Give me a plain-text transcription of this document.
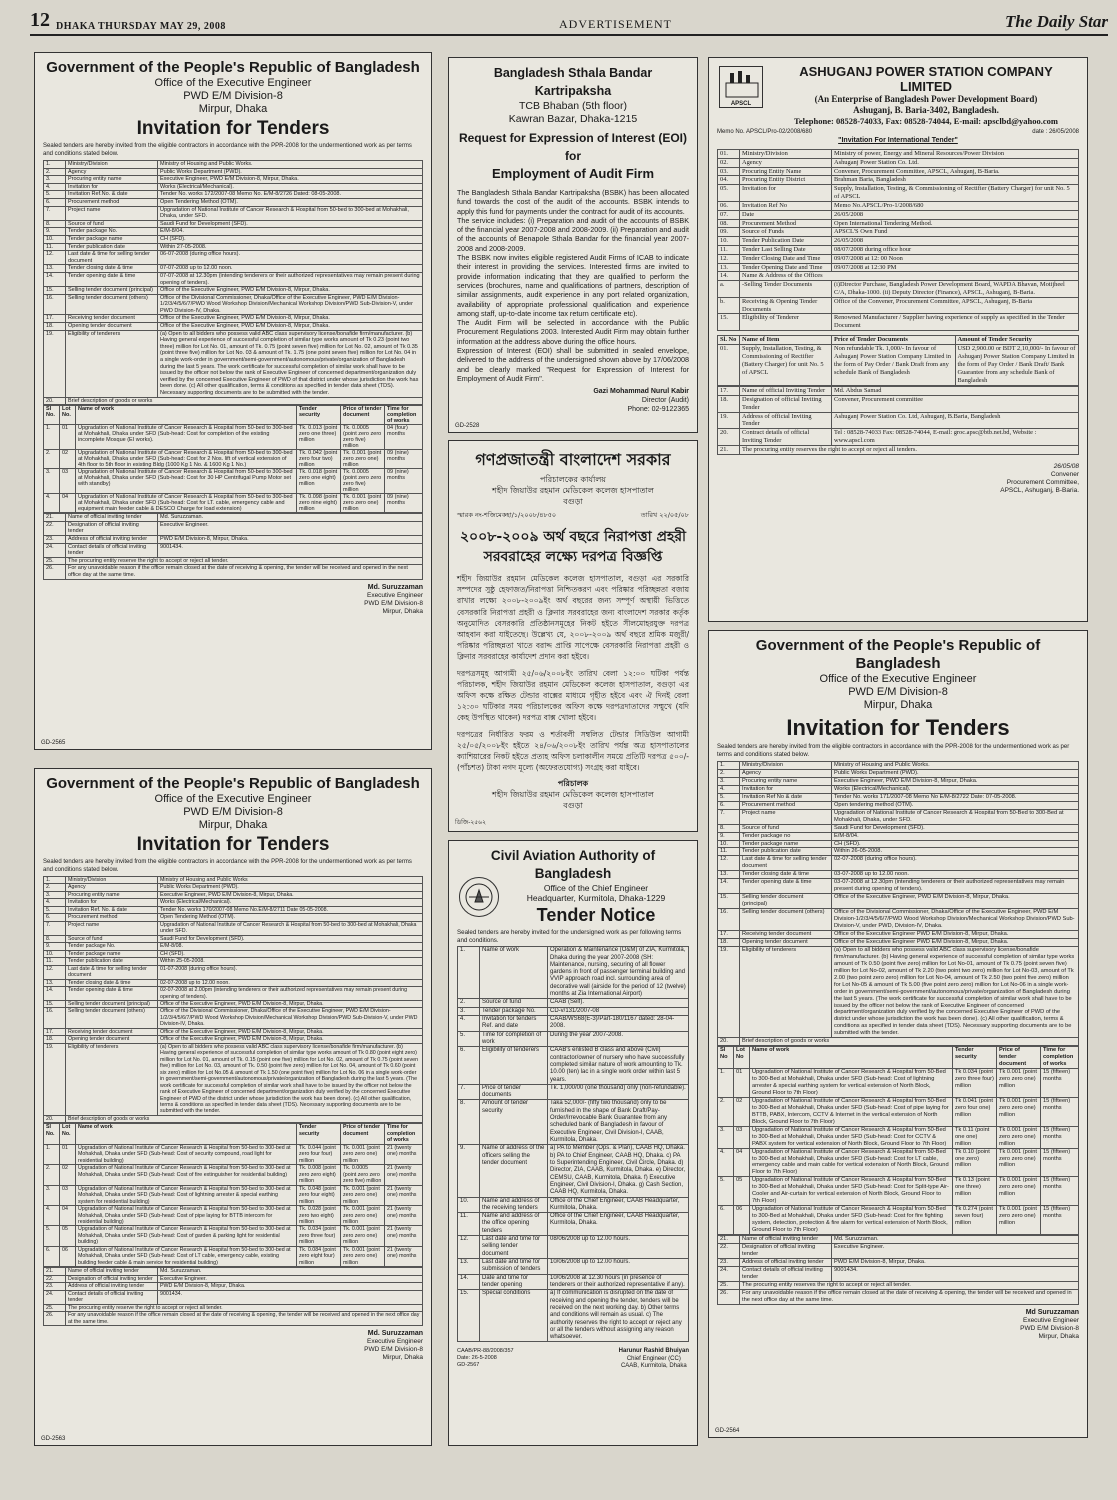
12 DHAKA THURSDAY MAY 29, 2008	ADVERTISEMENT	The Daily Star
Government of the People's Republic of Bangladesh
Office of the Executive Engineer
PWD E/M Division-8
Mirpur, Dhaka
Invitation for Tenders
Sealed tenders are hereby invited from the eligible contractors in accordance with the PPR-2008 for the undermentioned work as per terms and conditions stated below.
1.	Ministry/Division	Ministry of Housing and Public Works.
2.	Agency	Public Works Department (PWD).
3.	Procuring entity name	Executive Engineer, PWD E/M Division-8, Mirpur, Dhaka.
4.	Invitation for	Works (Electrical/Mechanical).
5.	Invitation Ref.No. & date	Tender No. works 172/2007-08 Memo No. E/M-8/2726 Dated: 08-05-2008.
6.	Procurement method	Open Tendering Method (OTM).
7.	Project name	Upgradation of National Institute of Cancer Research & Hospital from 50-bed to 300-bed at Mohakhali, Dhaka, under SFD.
8.	Source of fund	Saudi Fund for Development (SFD).
9.	Tender package No.	E/M-8/04.
10.	Tender package name	CH (SFD).
11.	Tender publication date	Within 27-05-2008.
12.	Last date & time for selling tender document	06-07-2008 (during office hours).
13.	Tender closing date & time	07-07-2008 up to 12.00 noon.
14.	Tender opening date & time	07-07-2008 at 12.30pm (intending tenderers or their authorized representatives may remain present during opening of tenders).
15.	Selling tender document (principal)	Office of the Executive Engineer, PWD E/M Division-8, Mirpur, Dhaka.
16.	Selling tender document (others)	Office of the Divisional Commissioner, Dhaka/Office of the Executive Engineer, PWD E/M Division-1/2/3/4/5/6/7/PWD Wood Workshop Division/Mechanical Workshop Division/PWD Sub-Division-V, under PWD Division-IV, Dhaka.
17.	Receiving tender document	Office of the Executive Engineer, PWD E/M Division-8, Mirpur, Dhaka.
18.	Opening tender document	Office of the Executive Engineer, PWD E/M Division-8, Mirpur, Dhaka.
19.	Eligibility of tenderers	(a) Open to all bidders who possess valid ABC class supervisory license/bonafide firm/manufacturer. (b) Having general experience of successful completion of similar type works amount of Tk 0.23 (point two three) million for Lot No. 01, amount of Tk. 0.75 (point seven five) million for Lot No. 02, amount of Tk 0.35 (point three five) million for Lot No. 03 & amount of Tk. 1.75 (one point seven five) million for Lot No. 04 in a single work-order in government/semi-government/autonomous/private/organization of Bangladesh during the last 5 years. The work certificate for successful completion of similar work shall have to be issued by the officer not below the rank of Executive Engineer of concerned department/organization duly verified by the concerned Executive Engineer of PWD of that district under whose jurisdiction the work has been done. (c) All other qualification, terms & conditions as specified in tender data sheet (TDS). Necessary supporting documents are to be submitted with the tender.
20.	Brief description of goods or works	
Sl No.	Lot No.	Name of work	Tender security	Price of tender document	Time for completion of works
1.	01	Upgradation of National Institute of Cancer Research & Hospital from 50-bed to 300-bed at Mohakhali, Dhaka under SFD (Sub-head: Cost for completion of the existing incomplete Mosque (EI works).	Tk. 0.013 (point zero one three) million	Tk. 0.0005 (point zero zero zero five) million	04 (four) months
2.	02	Upgradation of National Institute of Cancer Research & Hospital from 50-bed to 300-bed at Mohakhali, Dhaka under SFD (Sub-head: Cost for 2 Nos. lift of vertical extension of 4th floor to 5th floor in existing Bldg (1000 Kg 1 No. & 1600 Kg 1 No.)	Tk. 0.042 (point zero four two) million	Tk. 0.001 (point zero zero one) million	09 (nine) months
3.	03	Upgradation of National Institute of Cancer Research & Hospital from 50-bed to 300-bed at Mohakhali, Dhaka under SFD (Sub-head: Cost for 30 HP Centrifugal Pump Motor set with standby)	Tk. 0.018 (point zero one eight) million	Tk. 0.0005 (point zero zero zero five) million	09 (nine) months
4.	04	Upgradation of National Institute of Cancer Research & Hospital from 50-bed to 300-bed at Mohakhali, Dhaka under SFD (Sub-head: Cost for LT. cable, emergency cable and equipment main feeder cable & DESCO Charge for load extension)	Tk. 0.098 (point zero nine eight) million	Tk. 0.001 (point zero zero one) million	09 (nine) months
21.	Name of official inviting tender	Md. Suruzzaman.
22.	Designation of official inviting tender	Executive Engineer.
23.	Address of official inviting tender	PWD E/M Division-8, Mirpur, Dhaka.
24.	Contact details of official inviting tender	9001434.
25.	The procuring entity reserve the right to accept or reject all tender.	
26.	For any unavoidable reason if the office remain closed at the date of receiving & opening, the tender will be received and opened in the next office day at the same time.	
Md. Suruzzaman
Executive Engineer
PWD E/M Division-8
Mirpur, Dhaka
GD-2565
Bangladesh Sthala Bandar Kartripaksha
TCB Bhaban (5th floor)
Kawran Bazar, Dhaka-1215
Request for Expression of Interest (EOI)
for
Employment of Audit Firm

The Bangladesh Sthala Bandar Kartripaksha (BSBK) has been allocated fund towards the cost of the audit of the accounts. BSBK intends to apply this fund for payments under the contract for audit of its accounts.

The service includes: (i) Preparation and audit of the accounts of BSBK of the financial year 2007-2008 and 2008-2009. (ii) Preparation and audit of the accounts of Benapole Sthala Bandar for the financial year 2007-2008 and 2008-2009.

The BSBK now invites eligible registered Audit Firms of ICAB to indicate their interest in providing the services. Interested firms are invited to provide information indicating that they are qualified to perform the services (brochures, name and qualifications of partners, description of similar assignments, audit experience in any port related organization, availability of appropriate professional qualification and experience among staff, up-to-date income tax return certificate etc).

The Audit Firm will be selected in accordance with the Public Procurement Regulations 2003. Interested Audit Firm may obtain further information at the address above during the office hours.

Expression of Interest (EOI) shall be submitted in sealed envelope, delivered to the address of the undersigned shown above by 17/06/2008 and be clearly marked "Request for Expression of Interest for Employment of Audit Firm".

Gazi Mohammad Nurul Kabir
Director (Audit)
Phone: 02-9122365
GD-2528
গণপ্রজাতন্ত্রী বাংলাদেশ সরকার
পরিচালকের কার্যালয়
শহীদ জিয়াউর রহমান মেডিকেল কলেজ হাসপাতাল
বগুড়া
স্মারক নং-শজিমেকহা/১/২০০৮/৪৮৫০	তারিখ ২২/০৫/০৮
২০০৮-২০০৯ অর্থ বছরে নিরাপত্তা প্রহরী সরবরাহের লক্ষ্যে দরপত্র বিজ্ঞপ্তি

শহীদ জিয়াউর রহমান মেডিকেল কলেজ হাসপাতাল, বগুড়া এর সরকারি সম্পদের সুষ্ঠু হেফাজত/নিরাপত্তা নিশ্চিতকরণ এবং পরিষ্কার পরিচ্ছন্নতা বজায় রাখার লক্ষ্যে ২০০৮-২০০৯ইং অর্থ বছরের জন্য সম্পূর্ণ অস্থায়ী ভিত্তিতে বেসরকারি নিরাপত্তা প্রহরী ও ক্লিনার সরবরাহের জন্য বাংলাদেশ সরকার কর্তৃক অনুমোদিত বেসরকারি প্রতিষ্ঠানসমূহের নিকট হইতে সীলমোহরযুক্ত দরপত্র আহবান করা যাইতেছে। উল্লেখ্য যে, ২০০৮-২০০৯ অর্থ বছরে শ্রমিক মজুরী/পরিষ্কার পরিচ্ছন্নতা খাতে বরাদ্দ প্রাপ্তি সাপেক্ষে বেসরকারি নিরাপত্তা প্রহরী ও ক্লিনার সরবরাহের কার্যাদেশ প্রদান করা হইবে।

দরপত্রসমূহ আগামী ২৫/০৬/২০০৮ইং তারিখ বেলা ১২:০০ ঘটিকা পর্যন্ত পরিচালক, শহীদ জিয়াউর রহমান মেডিকেল কলেজ হাসপাতাল, বগুড়া এর অফিস কক্ষে রক্ষিত টেন্ডার বাক্সের মাধ্যমে গৃহীত হইবে এবং ঐ দিনই বেলা ১২:৩০ ঘটিকার সময় পরিচালকের অফিস কক্ষে দরপত্রদাতাদের সম্মুখে (যদি কেহ উপস্থিত থাকেন) দরপত্র বাক্স খোলা হইবে।

দরপত্রের নির্ধারিত ফরম ও শর্তাবলী সম্বলিত টেন্ডার সিডিউল আগামী ২৫/০৫/২০০৮ইং হইতে ২৪/০৬/২০০৮ইং তারিখ পর্যন্ত অত্র হাসপাতালের ক্যাশিয়ারের নিকট হইতে প্রত্যহ অফিস চলাকালীন সময়ে প্রতিটি দরপত্র ৫০০/- (পাঁচশত) টাকা নগদ মূল্যে (অফেরতযোগ্য) সংগ্রহ করা যাইবে।

পরিচালক
শহীদ জিয়াউর রহমান মেডিকেল কলেজ হাসপাতাল
বগুড়া
ডিজি-২৫৬২
APSCL
ASHUGANJ POWER STATION COMPANY LIMITED
(An Enterprise of Bangladesh Power Development Board)
Ashuganj, B. Baria-3402, Bangladesh.
Telephone: 08528-74033, Fax: 08528-74044, E-mail: apsclbd@yahoo.com
Memo No. APSCL/Pro-02/2008/680	date : 26/05/2008
"Invitation For International Tender"
01.	Ministry/Division	Ministry of power, Energy and Mineral Resources/Power Division
02.	Agency	Ashuganj Power Station Co. Ltd.
03.	Procuring Entity Name	Convener, Procurement Committee, APSCL, Ashuganj, B-Baria.
04.	Procuring Entity District	Brahman Baria, Bangladesh
05.	Invitation for	Supply, Installation, Testing, & Commissioning of Rectifier (Battery Charger) for unit No. 5 of APSCL
06.	Invitation Ref No	Memo No.APSCL/Pro-1/2008/680
07.	Date	26/05/2008
08.	Procurement Method	Open International Tendering Method.
09.	Source of Funds	APSCL'S Own Fund
10.	Tender Publication Date	26/05/2008
11.	Tender Last Selling Date	08/07/2008 during office hour
12.	Tender Closing Date and Time	09/07/2008 at 12: 00 Noon
13.	Tender Opening Date and Time	09/07/2008 at 12:30 PM
14.	Name & Address of the Offices	
a.	-Selling Tender Documents	(i)Director Purchase, Bangladesh Power Development Board, WAPDA Bhavan, Motijheel C/A, Dhaka-1000. (ii) Deputy Director (Finance), APSCL, Ashuganj, B-Baria.
b.	Receiving & Opening Tender Documents	Office of the Convener, Procurement Committee, APSCL, Ashuganj, B-Baria
15.	Eligibility of Tenderer	Renowned Manufacturer / Supplier having experience of supply as specified in the Tender Document
Sl. No	Name of Item	Price of Tender Documents	Amount of Tender Security
01.	Supply, Installation, Testing, & Commissioning of Rectifier (Battery Charger) for unit No. 5 of APSCL	Non refundable Tk. 1,000/- In favour of Ashuganj Power Station Company Limited in the form of Pay Order / Bank Draft from any schedule Bank of Bangladesh	USD 2,900.00 or BDT 2,10,000/- In favour of Ashuganj Power Station Company Limited in the form of Pay Order / Bank Draft/ Bank Guarantee from any schedule Bank of Bangladesh
17.	Name of official Inviting Tender	Md. Abdus Samad
18.	Designation of official Inviting Tender	Convener, Procurement committee
19.	Address of official Inviting Tender	Ashuganj Power Station Co. Ltd, Ashuganj, B.Baria, Bangladesh
20.	Contract details of official Inviting Tender	Tel : 08528-74033 Fax: 08528-74044, E-mail: groc.apsc@btb.net.bd, Website : www.apscl.com
21.	The procuring entity reserves the right to accept or reject all tenders.	
26/05/08
Convener
Procurement Committee,
APSCL, Ashuganj, B-Baria.
Government of the People's Republic of Bangladesh
Office of the Executive Engineer
PWD E/M Division-8
Mirpur, Dhaka
Invitation for Tenders
Sealed tenders are hereby invited from the eligible contractors in accordance with the PPR-2008 for the undermentioned work as per terms and conditions stated below.
1.	Ministry/Division	Ministry of Housing and Public Works.
2.	Agency	Public Works Department (PWD).
3.	Procuring entity name	Executive Engineer, PWD E/M Division-8, Mirpur, Dhaka.
4.	Invitation for	Works (Electrical/Mechanical).
5.	Invitation Ref No & date	Tender No. works 171/2007-08 Memo No E/M-8/2722 Date: 07-05-2008.
6.	Procurement method	Open tendering method (OTM).
7.	Project name	Upgradation of National Institute of Cancer Research & Hospital from 50-Bed to 300-Bed at Mohakhali, Dhaka, under SFD.
8.	Source of fund	Saudi Fund for Development (SFD).
9.	Tender package no	E/M-8/04.
10.	Tender package name	CH (SFD).
11.	Tender publication date	Within 26-05-2008.
12.	Last date & time for selling tender document	02-07-2008 (during office hours).
13.	Tender closing date & time	03-07-2008 up to 12.00 noon.
14.	Tender opening date & time	03-07-2008 at 12.30pm (intending tenderers or their authorized representatives may remain present during opening of tenders).
15.	Selling tender document (principal)	Office of the Executive Engineer, PWD E/M Division-8, Mirpur, Dhaka.
16.	Selling tender document (others)	Office of the Divisional Commissioner, Dhaka/Office of the Executive Engineer, PWD E/M Division-1/2/3/4/5/6/7/PWD Wood Workshop Division/Mechanical Workshop Division/PWD Sub-Division-V, under PWD, Division-IV, Dhaka.
17.	Receiving tender document	Office of the Executive Engineer PWD E/M Division-8, Mirpur, Dhaka.
18.	Opening tender document	Office of the Executive Engineer PWD E/M Division-8, Mirpur, Dhaka.
19.	Eligibility of tenderers	(a) Open to all bidders who possess valid ABC class supervisory license/bonafide firm/manufacturer. (b) Having general experience of successful completion of similar type works amount of Tk 0.50 (point five zero) million for Lot No-01, amount of Tk 0.75 (point seven five) million for Lot No-02, amount of Tk 2.20 (two point two zero) million for Lot No-03, amount of Tk 2.00 (two point zero zero) million for Lot No-04, amount of Tk 2.50 (two point five zero) million for Lot No-05 & amount of Tk 5.00 (five point zero zero) million for Lot No-06 in a single work-order in government/semi-government/autonomous/private/organization of Bangladesh during the last 5 years. (The work certificate for successful completion of similar work shall have to be issued by the officer not below the rank of Executive Engineer of concerned department/organization duly verified by the concerned Executive Engineer of PWD of the district under whose jurisdiction the work has been done). (c) All other qualification, terms & conditions as specified in tender data sheet (TDS). Necessary supporting documents are to be submitted with the tender.
20.	Brief description of goods or works	
Sl No	Lot No	Name of work	Tender security	Price of tender document	Time for completion of works
1.	01	Upgradation of National Institute of Cancer Research & Hospital from 50-Bed to 300-Bed at Mohakhali, Dhaka under SFD (Sub-head: Cost of lightning arrester & special earthing system for vertical extension of North Block, Ground Floor to 7th Floor)	Tk 0.034 (point zero three four) million	Tk 0.001 (point zero zero one) million	15 (fifteen) months
2.	02	Upgradation of National Institute of Cancer Research & Hospital from 50-Bed to 300-Bed at Mohakhali, Dhaka under SFD (Sub-head: Cost of pipe laying for BTTB, PABX, Intercom, CCTV & Internet in the vertical extension of North Block, Ground Floor to 7th Floor)	Tk 0.041 (point zero four one) million	Tk 0.001 (point zero zero one) million	15 (fifteen) months
3.	03	Upgradation of National Institute of Cancer Research & Hospital from 50-Bed to 300-Bed at Mohakhali, Dhaka under SFD (Sub-head: Cost for CCTV & PABX system for vertical extension of North Block, Ground Floor to 7th Floor)	Tk 0.11 (point one one) million	Tk 0.001 (point zero zero one) million	15 (fifteen) months
4.	04	Upgradation of National Institute of Cancer Research & Hospital from 50-Bed to 300-Bed at Mohakhali, Dhaka under SFD (Sub-head: Cost for LT cable, emergency cable and main cable for vertical extension of North Block, Ground Floor to 7th Floor)	Tk 0.10 (point one zero) million	Tk 0.001 (point zero zero one) million	15 (fifteen) months
5.	05	Upgradation of National Institute of Cancer Research & Hospital from 50-Bed to 300-Bed at Mohakhali, Dhaka under SFD (Sub-head: Cost for Split-type Air-Cooler and Air-curtain for vertical extension of North Block, Ground Floor to 7th Floor)	Tk 0.13 (point one three) million	Tk 0.001 (point zero zero one) million	15 (fifteen) months
6.	06	Upgradation of National Institute of Cancer Research & Hospital from 50-Bed to 300-Bed at Mohakhali, Dhaka under SFD (Sub-head: Cost for fire fighting system, detection, protection & fire alarm for vertical extension of North Block, Ground Floor to 7th Floor)	Tk 0.274 (point seven four) million	Tk 0.001 (point zero zero one) million	15 (fifteen) months
21.	Name of official inviting tender	Md. Suruzzaman.
22.	Designation of official inviting tender	Executive Engineer.
23.	Address of official inviting tender	PWD E/M Division-8, Mirpur, Dhaka.
24.	Contact details of official inviting tender	9001434.
25.	The procuring entity reserves the right to accept or reject all tender.	
26.	For any unavoidable reason if the office remain closed at the date of receiving & opening, the tender will be received and opened in the next office day at the same time.	
Md Suruzzaman
Executive Engineer
PWD E/M Division-8
Mirpur, Dhaka
GD-2564
Government of the People's Republic of Bangladesh
Office of the Executive Engineer
PWD E/M Division-8
Mirpur, Dhaka
Invitation for Tenders
Sealed tenders are hereby invited from the eligible contractors in accordance with the PPR-2008 for the undermentioned work as per terms and conditions stated below.
1.	Ministry/Division	Ministry of Housing and Public Works
2.	Agency	Public Works Department (PWD).
3.	Procuring entity name	Executive Engineer, PWD E/M Division-8, Mirpur, Dhaka.
4.	Invitation for	Works (Electrical/Mechanical).
5.	Invitation Ref. No. & date	Tender No. works 170/2007-08 Memo No.E/M-8/2711 Date 05-05-2008.
6.	Procurement method	Open Tendering Method (OTM).
7.	Project name	Upgradation of National Institute of Cancer Research & Hospital from 50-bed to 300-bed at Mohakhali, Dhaka under SFD.
8.	Source of fund	Saudi Fund for Development (SFD).
9.	Tender package No.	E/M-8/08.
10.	Tender package name	CH (SFD).
11.	Tender publication date	Within 25-05-2008.
12.	Last date & time for selling tender document	01-07-2008 (during office hours).
13.	Tender closing date & time	02-07-2008 up to 12.00 noon.
14.	Tender opening date & time	02-07-2008 at 2.00pm (intending tenderers or their authorized representatives may remain present during opening of tenders).
15.	Selling tender document (principal)	Office of the Executive Engineer, PWD E/M Division-8, Mirpur, Dhaka.
16.	Selling tender document (others)	Office of the Divisional Commissioner, Dhaka/Office of the Executive Engineer, PWD E/M Division-1/2/3/4/5/6/7/PWD Wood Workshop Division/Mechanical Workshop Division/PWD Sub-Division-V, under PWD Division-IV, Dhaka.
17.	Receiving tender document	Office of the Executive Engineer, PWD E/M Division-8, Mirpur, Dhaka.
18.	Opening tender document	Office of the Executive Engineer, PWD E/M Division-8, Mirpur, Dhaka.
19.	Eligibility of tenderers	(a) Open to all bidders who possess valid ABC class supervisory license/bonafide firm/manufacturer. (b) Having general experience of successful completion of similar type works amount of Tk 0.80 (point eight zero) million for Lot No. 01, amount of Tk. 0.15 (point one five) million for Lot No. 02, amount of Tk 0.75 (point seven five) million for Lot No. 03, amount of Tk. 0.50 (point five zero) million for Lot No. 04, amount of Tk 0.60 (point six zero) million for Lot No.05 & amount of Tk 1.50 (one point five) million for Lot No. 06 in a single work-order in government/semi-government/autonomous/private/organization of Bangladesh during the last 5 years. (The work certificate for successful completion of similar work shall have to be issued by the officer not below the rank of Executive Engineer of concerned department/organization duly verified by the concerned Executive Engineer of PWD of the district under whose jurisdiction the work has been done). (c) All other qualification, terms & conditions as specified in tender data sheet (TDS). Necessary supporting documents are to be submitted with the tender.
20.	Brief description of goods or works	
Sl No.	Lot No.	Name of work	Tender security	Price of tender document	Time for completion of works
1.	01	Upgradation of National Institute of Cancer Research & Hospital from 50-bed to 300-bed at Mohakhali, Dhaka under SFD (Sub-head: Cost of security compound, road light for residential building)	Tk. 0.044 (point zero four four) million	Tk. 0.001 (point zero zero one) million	21 (twenty one) months
2.	02	Upgradation of National Institute of Cancer Research & Hospital from 50-bed to 300-bed at Mohakhali, Dhaka under SFD (Sub-head: Cost of fire extinguisher for residential building)	Tk. 0.008 (point zero zero eight) million	Tk. 0.0005 (point zero zero zero five) million	21 (twenty one) months
3.	03	Upgradation of National Institute of Cancer Research & Hospital from 50-bed to 300-bed at Mohakhali, Dhaka under SFD (Sub-head: Cost of lightning arrester & special earthing system for residential building)	Tk. 0.048 (point zero four eight) million	Tk. 0.001 (point zero zero one) million	21 (twenty one) months
4.	04	Upgradation of National Institute of Cancer Research & Hospital from 50-bed to 300-bed at Mohakhali, Dhaka under SFD (Sub-head: Cost of pipe laying for BTTB intercom for residential building)	Tk. 0.028 (point zero two eight) million	Tk. 0.001 (point zero zero one) million	21 (twenty one) months
5.	05	Upgradation of National Institute of Cancer Research & Hospital from 50-bed to 300-bed at Mohakhali, Dhaka under SFD (Sub-head: Cost of garden & parking light for residential building)	Tk. 0.034 (point zero three four) million	Tk. 0.001 (point zero zero one) million	21 (twenty one) months
6.	06	Upgradation of National Institute of Cancer Research & Hospital from 50-bed to 300-bed at Mohakhali, Dhaka under SFD (Sub-head: Cost of LT cable, emergency cable, existing building feeder cable & main service for residential building)	Tk. 0.084 (point zero eight four) million	Tk. 0.001 (point zero zero one) million	21 (twenty one) months
21.	Name of official inviting tender	Md. Suruzzaman.
22.	Designation of official inviting tender	Executive Engineer.
23.	Address of official inviting tender	PWD E/M Division-8, Mirpur, Dhaka.
24.	Contact details of official inviting tender	9001434.
25.	The procuring entity reserve the right to accept or reject all tender.	
26.	For any unavoidable reason if the office remain closed at the date of receiving & opening, the tender will be received and opened in the next office day at the same time.	
Md. Suruzzaman
Executive Engineer
PWD E/M Division-8
Mirpur, Dhaka
GD-2563
Civil Aviation Authority of Bangladesh
Office of the Chief Engineer
Headquarter, Kurmitola, Dhaka-1229
Tender Notice
Sealed tenders are hereby invited for the undersigned work as per following terms and conditions.
1.	Name of work	Operation & Maintenance (O&M) of ZIA, Kurmitola, Dhaka during the year 2007-2008 (SH: Maintenance, nursing, securing of all flower gardens in front of passenger terminal building and VVIP approach road incl. surrounding area of decorative wall (airside for the period of 12 (twelve) months at Zia International Airport)
2.	Source of fund	CAAB (Self).
3.	Tender package No.	CD-v/131/2007-08
4.	Invitation for tenders Ref. and date	CAAB/WS68(E-3)/Part-180/1167 dated: 28-04-2008.
5.	Time for completion of work	During the year 2007-2008.
6.	Eligibility of tenderers	CAAB's enlisted B class and above (Civil) contractor/owner of nursery who have successfully completed similar nature of work amounting to Tk. 10.00 (ten) lac in a single work order within last 5 years.
7.	Price of tender documents	Tk. 1,000/00 (one thousand) only (non-refundable).
8.	Amount of tender security	Taka 52,000/- (fifty two thousand) only to be furnished in the shape of Bank Draft/Pay-Order/Irrevocable Bank Guarantee from any scheduled bank of Bangladesh in favour of Executive Engineer, Civil Division-I, CAAB, Kurmitola, Dhaka.
9.	Name of address of the officers selling the tender document	a) PA to Member (Ops. & Plan), CAAB HQ, Dhaka. b) PA to Chief Engineer, CAAB HQ, Dhaka. c) PA to Superintending Engineer, Civil Circle, Dhaka. d) Director, ZIA, CAAB, Kurmitola, Dhaka. e) Director, CEMSU, CAAB, Kurmitola, Dhaka. f) Executive Engineer, Civil Division-I, Dhaka. g) Cash Section, CAAB HQ, Kurmitola, Dhaka.
10.	Name and address of the receiving tenders	Office of the Chief Engineer, CAAB Headquarter, Kurmitola, Dhaka.
11.	Name and address of the office opening tenders	Office of the Chief Engineer, CAAB Headquarter, Kurmitola, Dhaka.
12.	Last date and time for selling tender document	08/06/2008 up to 12.00 hours.
13.	Last date and time for submission of tenders	10/06/2008 up to 12.00 hours.
14.	Date and time for tender opening	10/06/2008 at 12.30 hours (in presence of tenderers or their authorized representative if any).
15.	Special conditions	a) If communication is disrupted on the date of receiving and opening the tender, tenders will be received on the next working day. b) Other terms and conditions will remain as usual. c) The authority reserves the right to accept or reject any or all the tenders without assigning any reason whatsoever.
CAAB/PR-88/2008/357
Date: 26-5-2008
GD-2567
Harunur Rashid Bhuiyan
Chief Engineer (CC)
CAAB, Kurmitola, Dhaka
